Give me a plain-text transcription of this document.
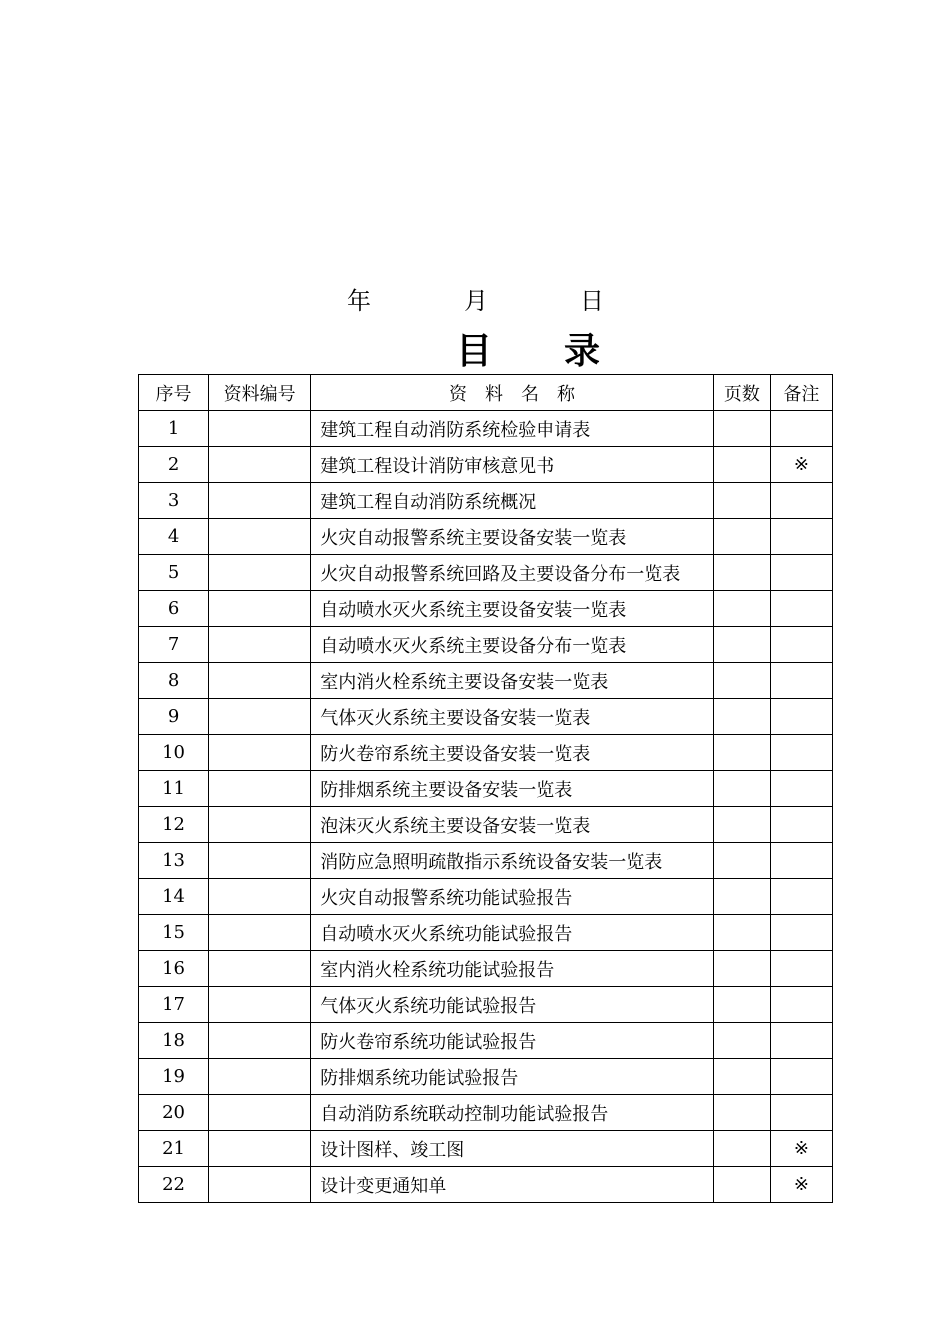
年	月	日
目 录
序号	资料编号	资　料　名　称	页数	备注
1		建筑工程自动消防系统检验申请表		
2		建筑工程设计消防审核意见书		※
3		建筑工程自动消防系统概况		
4		火灾自动报警系统主要设备安装一览表		
5		火灾自动报警系统回路及主要设备分布一览表		
6		自动喷水灭火系统主要设备安装一览表		
7		自动喷水灭火系统主要设备分布一览表		
8		室内消火栓系统主要设备安装一览表		
9		气体灭火系统主要设备安装一览表		
10		防火卷帘系统主要设备安装一览表		
11		防排烟系统主要设备安装一览表		
12		泡沫灭火系统主要设备安装一览表		
13		消防应急照明疏散指示系统设备安装一览表		
14		火灾自动报警系统功能试验报告		
15		自动喷水灭火系统功能试验报告		
16		室内消火栓系统功能试验报告		
17		气体灭火系统功能试验报告		
18		防火卷帘系统功能试验报告		
19		防排烟系统功能试验报告		
20		自动消防系统联动控制功能试验报告		
21		设计图样、竣工图		※
22		设计变更通知单		※
